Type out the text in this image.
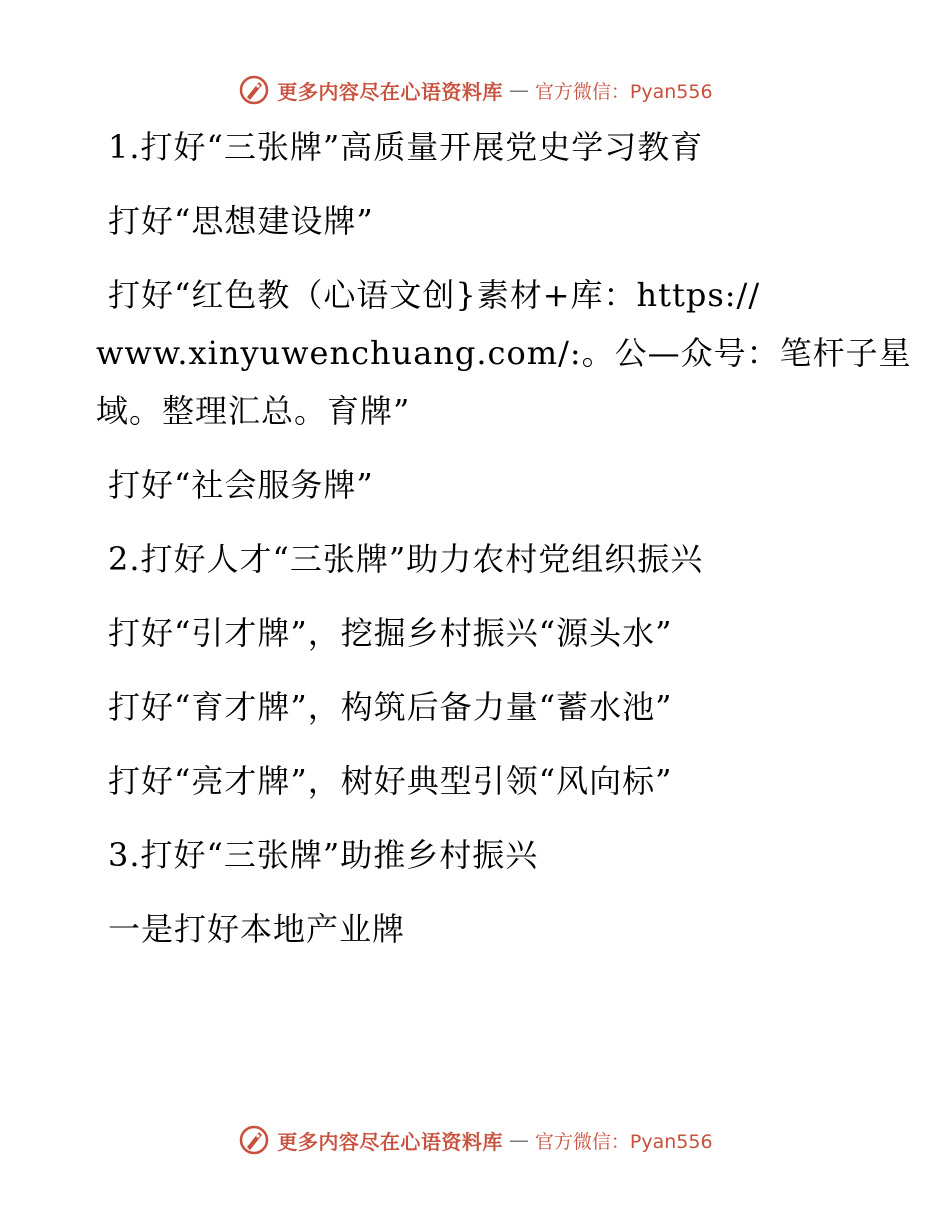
更多内容尽在心语资料库 — 官方微信：Pyan556
1.打好“三张牌”高质量开展党史学习教育
打好“思想建设牌”
打好“红色教（心语文创}素材+库：https://
www.xinyuwenchuang.com/:。公—众号：笔杆子星
域。整理汇总。育牌”
打好“社会服务牌”
2.打好人才“三张牌”助力农村党组织振兴
打好“引才牌”，挖掘乡村振兴“源头水”
打好“育才牌”，构筑后备力量“蓄水池”
打好“亮才牌”，树好典型引领“风向标”
3.打好“三张牌”助推乡村振兴
一是打好本地产业牌
更多内容尽在心语资料库 — 官方微信：Pyan556
